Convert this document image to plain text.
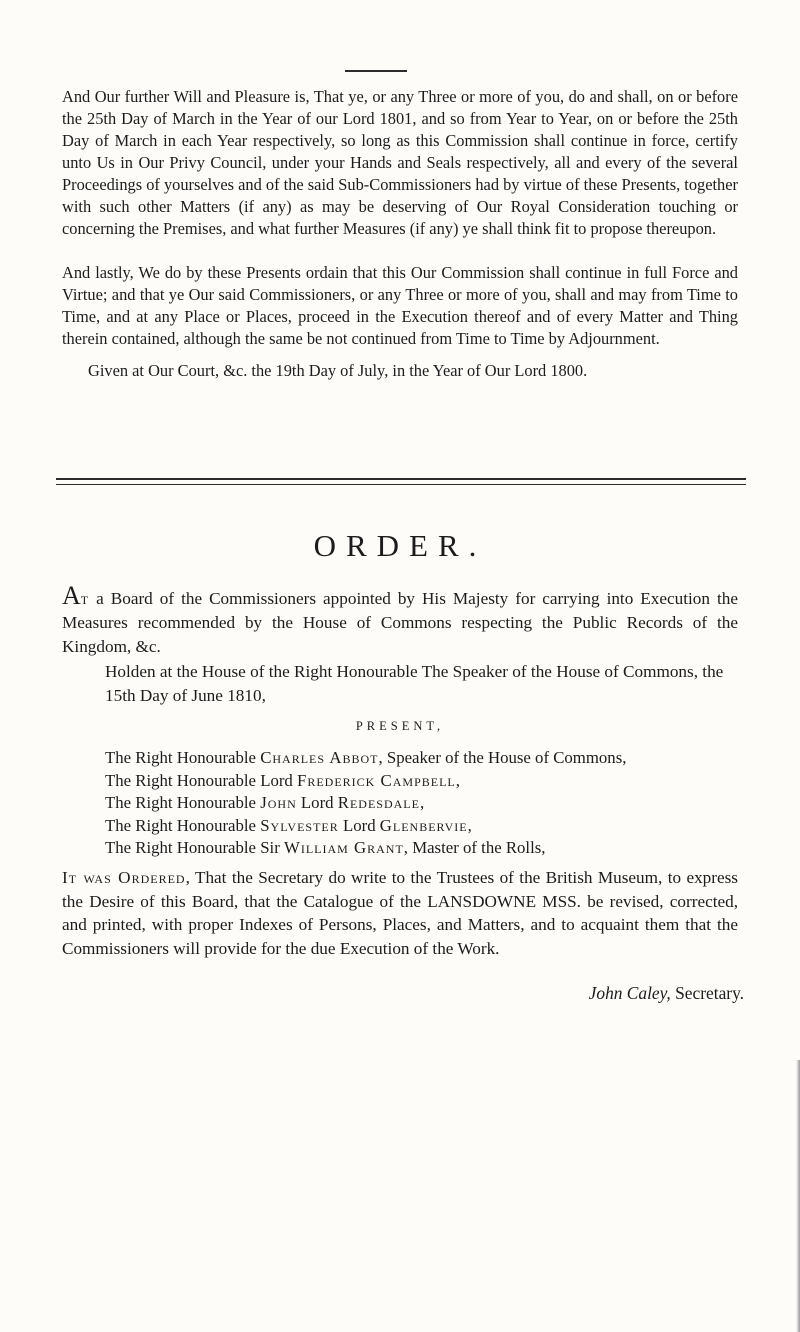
And Our further Will and Pleasure is, That ye, or any Three or more of you, do and shall, on or before the 25th Day of March in the Year of our Lord 1801, and so from Year to Year, on or before the 25th Day of March in each Year respectively, so long as this Commission shall continue in force, certify unto Us in Our Privy Council, under your Hands and Seals respectively, all and every of the several Proceedings of yourselves and of the said Sub-Commissioners had by virtue of these Presents, together with such other Matters (if any) as may be deserving of Our Royal Consideration touching or concerning the Premises, and what further Measures (if any) ye shall think fit to propose thereupon.

And lastly, We do by these Presents ordain that this Our Commission shall continue in full Force and Virtue; and that ye Our said Commissioners, or any Three or more of you, shall and may from Time to Time, and at any Place or Places, proceed in the Execution thereof and of every Matter and Thing therein contained, although the same be not continued from Time to Time by Adjournment.

Given at Our Court, &c. the 19th Day of July, in the Year of Our Lord 1800.

ORDER.

At a Board of the Commissioners appointed by His Majesty for carrying into Execution the Measures recommended by the House of Commons respecting the Public Records of the Kingdom, &c.

Holden at the House of the Right Honourable The Speaker of the House of Commons, the 15th Day of June 1810,

PRESENT,

The Right Honourable Charles Abbot, Speaker of the House of Commons,
The Right Honourable Lord Frederick Campbell,
The Right Honourable John Lord Redesdale,
The Right Honourable Sylvester Lord Glenbervie,
The Right Honourable Sir William Grant, Master of the Rolls,

It was Ordered, That the Secretary do write to the Trustees of the British Museum, to express the Desire of this Board, that the Catalogue of the LANSDOWNE MSS. be revised, corrected, and printed, with proper Indexes of Persons, Places, and Matters, and to acquaint them that the Commissioners will provide for the due Execution of the Work.

John Caley, Secretary.
